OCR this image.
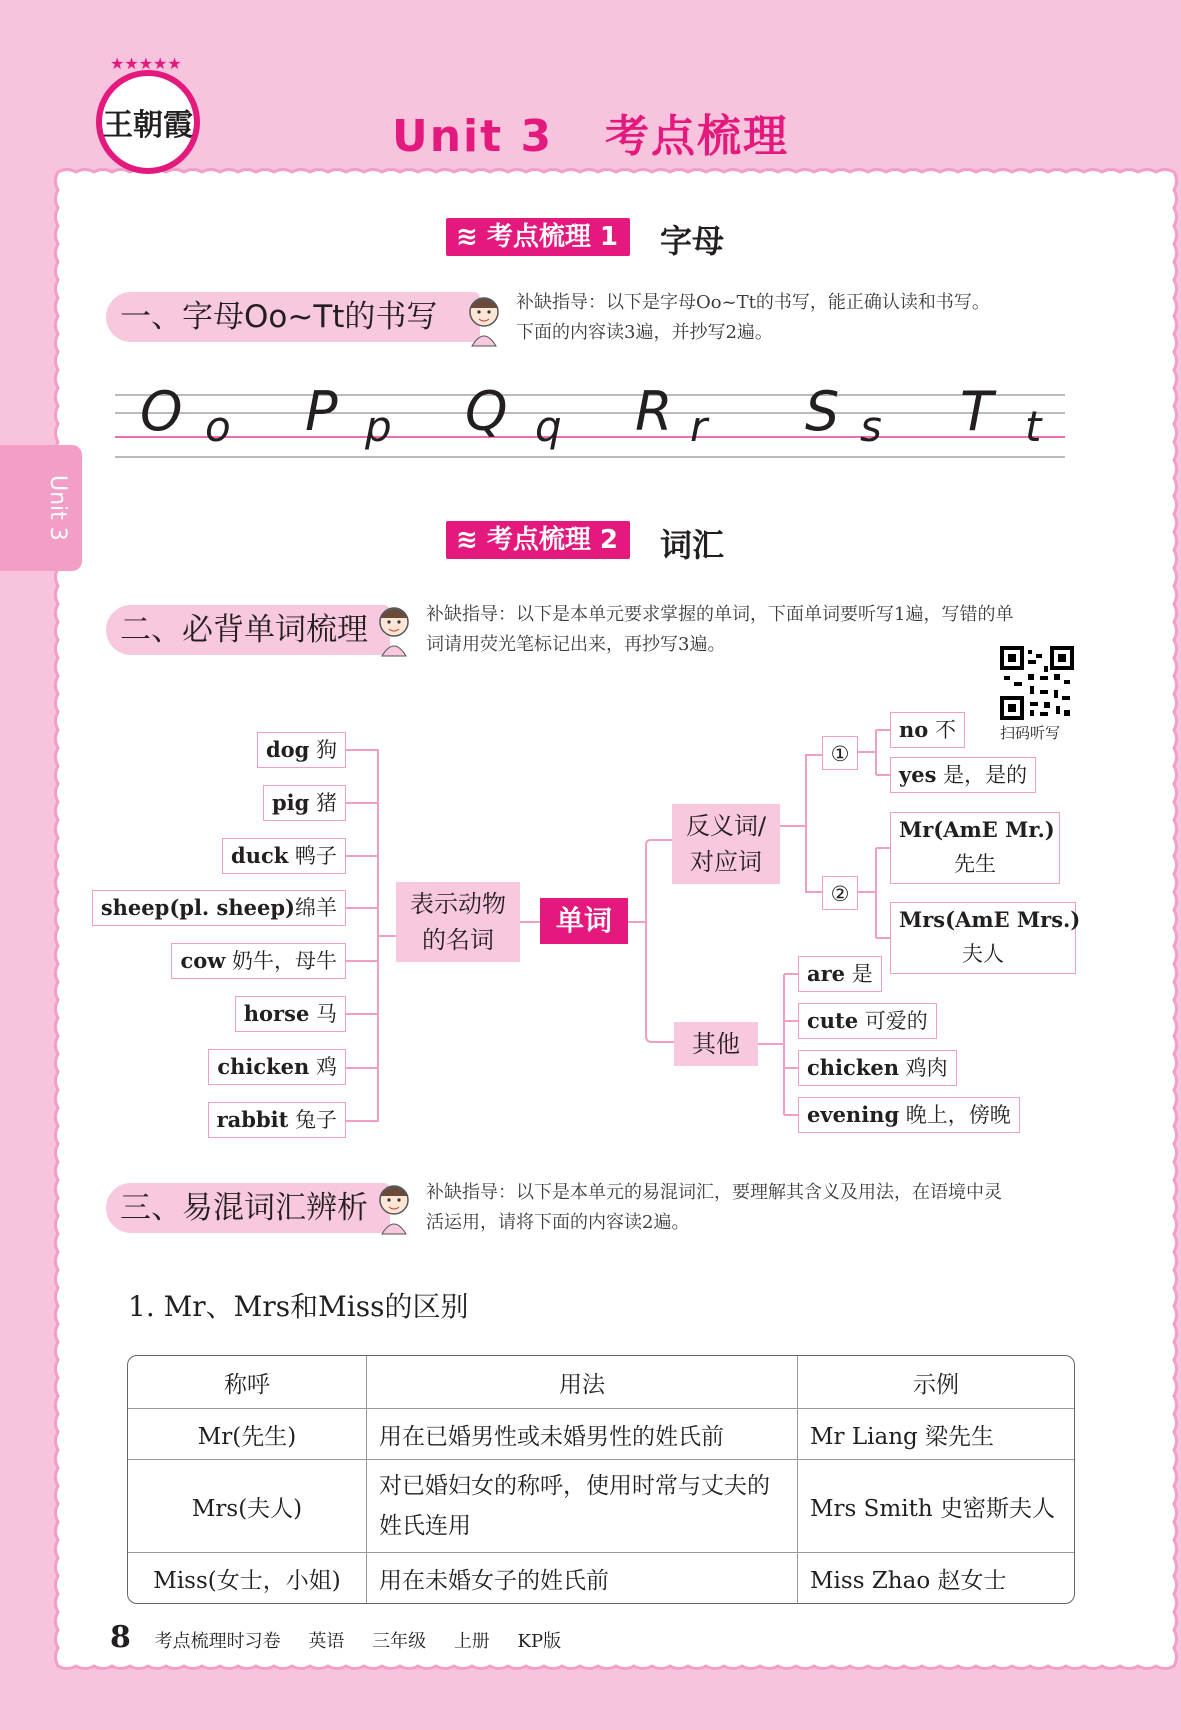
★★★★★
王朝霞	Unit 3   考点梳理
Unit 3
≋ 考点梳理 1	字母
一、字母Oo~Tt的书写	补缺指导：以下是字母Oo~Tt的书写，能正确认读和书写。
下面的内容读3遍，并抄写2遍。
O o P p Q q R r S s T t
≋ 考点梳理 2	词汇
二、必背单词梳理	补缺指导：以下是本单元要求掌握的单词，下面单词要听写1遍，写错的单
词请用荧光笔标记出来，再抄写3遍。
扫码听写
dog 狗
pig 猪
duck 鸭子
sheep(pl. sheep)绵羊
cow 奶牛，母牛
horse 马
chicken 鸡
rabbit 兔子
表示动物
的名词
单词
反义词/
对应词
①
②
no 不
yes 是，是的
Mr(AmE Mr.)
先生
Mrs(AmE Mrs.)
夫人
其他
are 是
cute 可爱的
chicken 鸡肉
evening 晚上，傍晚
三、易混词汇辨析	补缺指导：以下是本单元的易混词汇，要理解其含义及用法，在语境中灵
活运用，请将下面的内容读2遍。
1. Mr、Mrs和Miss的区别
称呼	用法	示例
Mr(先生)	用在已婚男性或未婚男性的姓氏前	Mr Liang 梁先生
Mrs(夫人)	对已婚妇女的称呼，使用时常与丈夫的姓氏连用	Mrs Smith 史密斯夫人
Miss(女士，小姐)	用在未婚女子的姓氏前	Miss Zhao 赵女士
8 考点梳理时习卷 英语 三年级 上册 KP版
